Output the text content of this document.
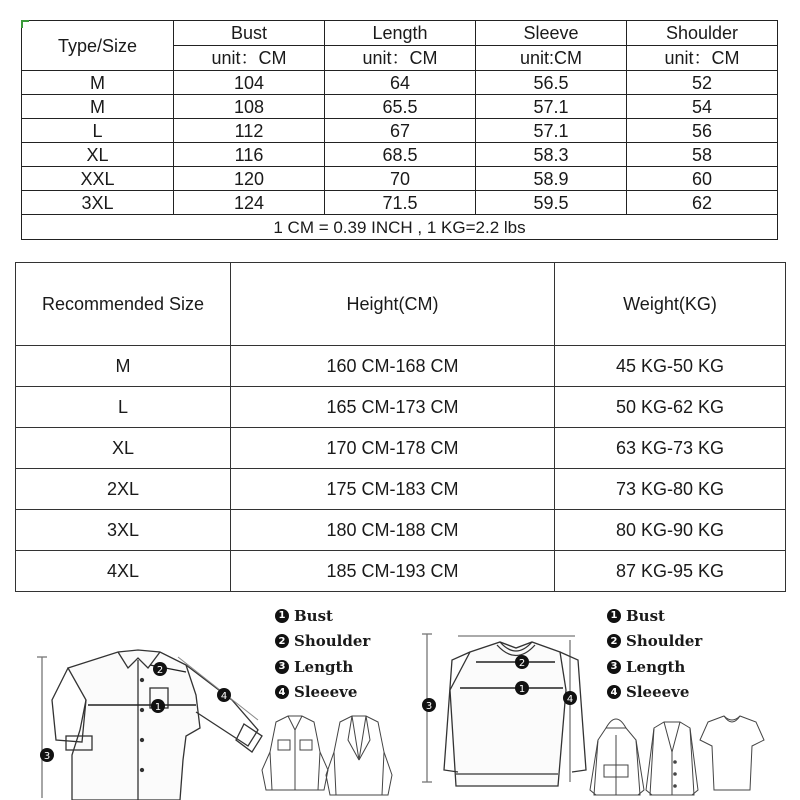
Type/Size	Bust	Length	Sleeve	Shoulder
	unit：CM	unit：CM	unit:CM	unit：CM
M	104	64	56.5	52
M	108	65.5	57.1	54
L	112	67	57.1	56
XL	116	68.5	58.3	58
XXL	120	70	58.9	60
3XL	124	71.5	59.5	62
1 CM = 0.39 INCH , 1 KG=2.2 lbs				
Recommended Size	Height(CM)	Weight(KG)
M	160 CM-168 CM	45 KG-50 KG
L	165 CM-173 CM	50 KG-62 KG
XL	170 CM-178 CM	63 KG-73 KG
2XL	175 CM-183 CM	73 KG-80 KG
3XL	180 CM-188 CM	80 KG-90 KG
4XL	185 CM-193 CM	87 KG-95 KG
1 Bust
2 Shoulder
3 Length
4 Sleeeve
1 Bust
2 Shoulder
3 Length
4 Sleeeve
1
2
3
4
2
1
3
4
